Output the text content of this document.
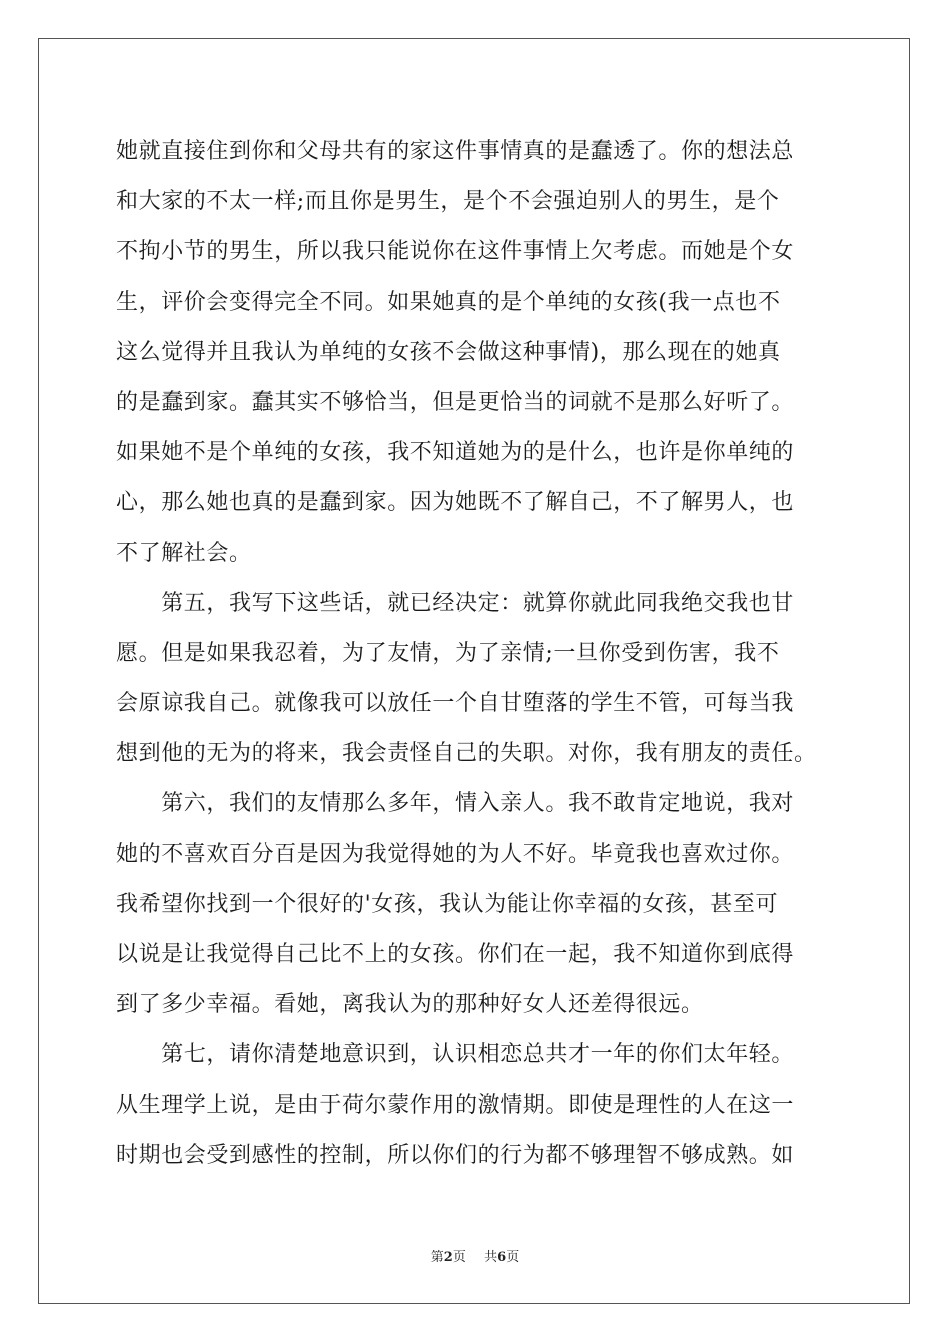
她就直接住到你和父母共有的家这件事情真的是蠢透了。你的想法总
和大家的不太一样;而且你是男生，是个不会强迫别人的男生，是个
不拘小节的男生，所以我只能说你在这件事情上欠考虑。而她是个女
生，评价会变得完全不同。如果她真的是个单纯的女孩(我一点也不
这么觉得并且我认为单纯的女孩不会做这种事情)，那么现在的她真
的是蠢到家。蠢其实不够恰当，但是更恰当的词就不是那么好听了。
如果她不是个单纯的女孩，我不知道她为的是什么，也许是你单纯的
心，那么她也真的是蠢到家。因为她既不了解自己，不了解男人，也
不了解社会。
　　第五，我写下这些话，就已经决定：就算你就此同我绝交我也甘
愿。但是如果我忍着，为了友情，为了亲情;一旦你受到伤害，我不
会原谅我自己。就像我可以放任一个自甘堕落的学生不管，可每当我
想到他的无为的将来，我会责怪自己的失职。对你，我有朋友的责任。
　　第六，我们的友情那么多年，情入亲人。我不敢肯定地说，我对
她的不喜欢百分百是因为我觉得她的为人不好。毕竟我也喜欢过你。
我希望你找到一个很好的'女孩，我认为能让你幸福的女孩，甚至可
以说是让我觉得自己比不上的女孩。你们在一起，我不知道你到底得
到了多少幸福。看她，离我认为的那种好女人还差得很远。
　　第七，请你清楚地意识到，认识相恋总共才一年的你们太年轻。
从生理学上说，是由于荷尔蒙作用的激情期。即使是理性的人在这一
时期也会受到感性的控制，所以你们的行为都不够理智不够成熟。如
第2页 共6页
